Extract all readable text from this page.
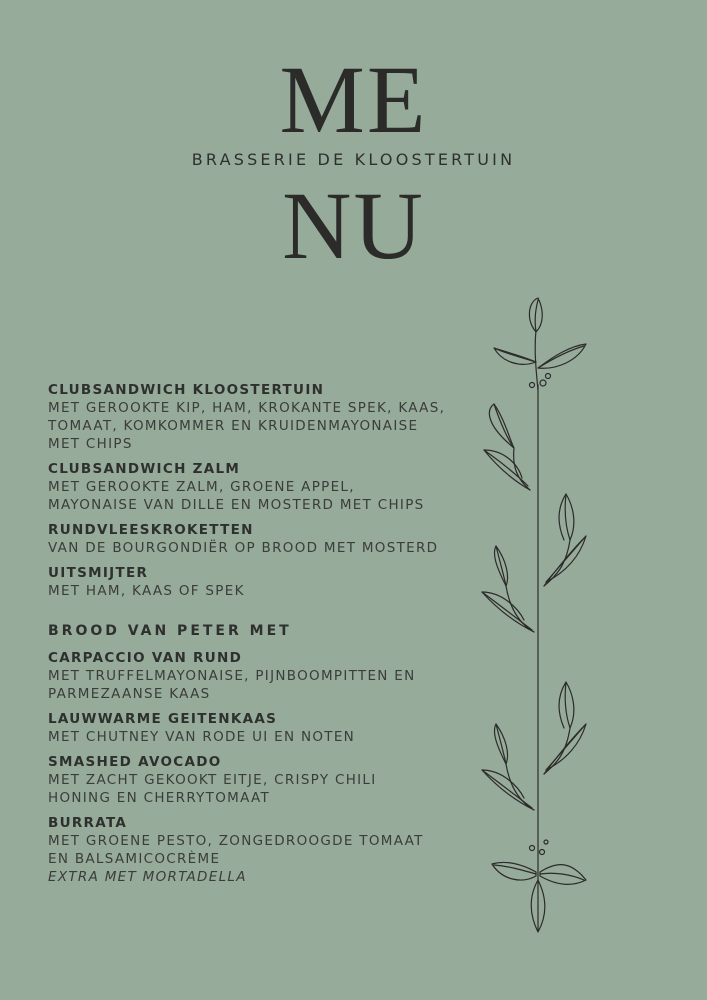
ME
BRASSERIE DE KLOOSTERTUIN
NU
CLUBSANDWICH KLOOSTERTUIN
MET GEROOKTE KIP, HAM, KROKANTE SPEK, KAAS,
TOMAAT, KOMKOMMER EN KRUIDENMAYONAISE
MET CHIPS
CLUBSANDWICH ZALM
MET GEROOKTE ZALM, GROENE APPEL,
MAYONAISE VAN DILLE EN MOSTERD MET CHIPS
RUNDVLEESKROKETTEN
VAN DE BOURGONDIËR OP BROOD MET MOSTERD
UITSMIJTER
MET HAM, KAAS OF SPEK
BROOD VAN PETER MET
CARPACCIO VAN RUND
MET TRUFFELMAYONAISE, PIJNBOOMPITTEN EN
PARMEZAANSE KAAS
LAUWWARME GEITENKAAS
MET CHUTNEY VAN RODE UI EN NOTEN
SMASHED AVOCADO
MET ZACHT GEKOOKT EITJE, CRISPY CHILI
HONING EN CHERRYTOMAAT
BURRATA
MET GROENE PESTO, ZONGEDROOGDE TOMAAT
EN BALSAMICOCRÈME
EXTRA MET MORTADELLA
